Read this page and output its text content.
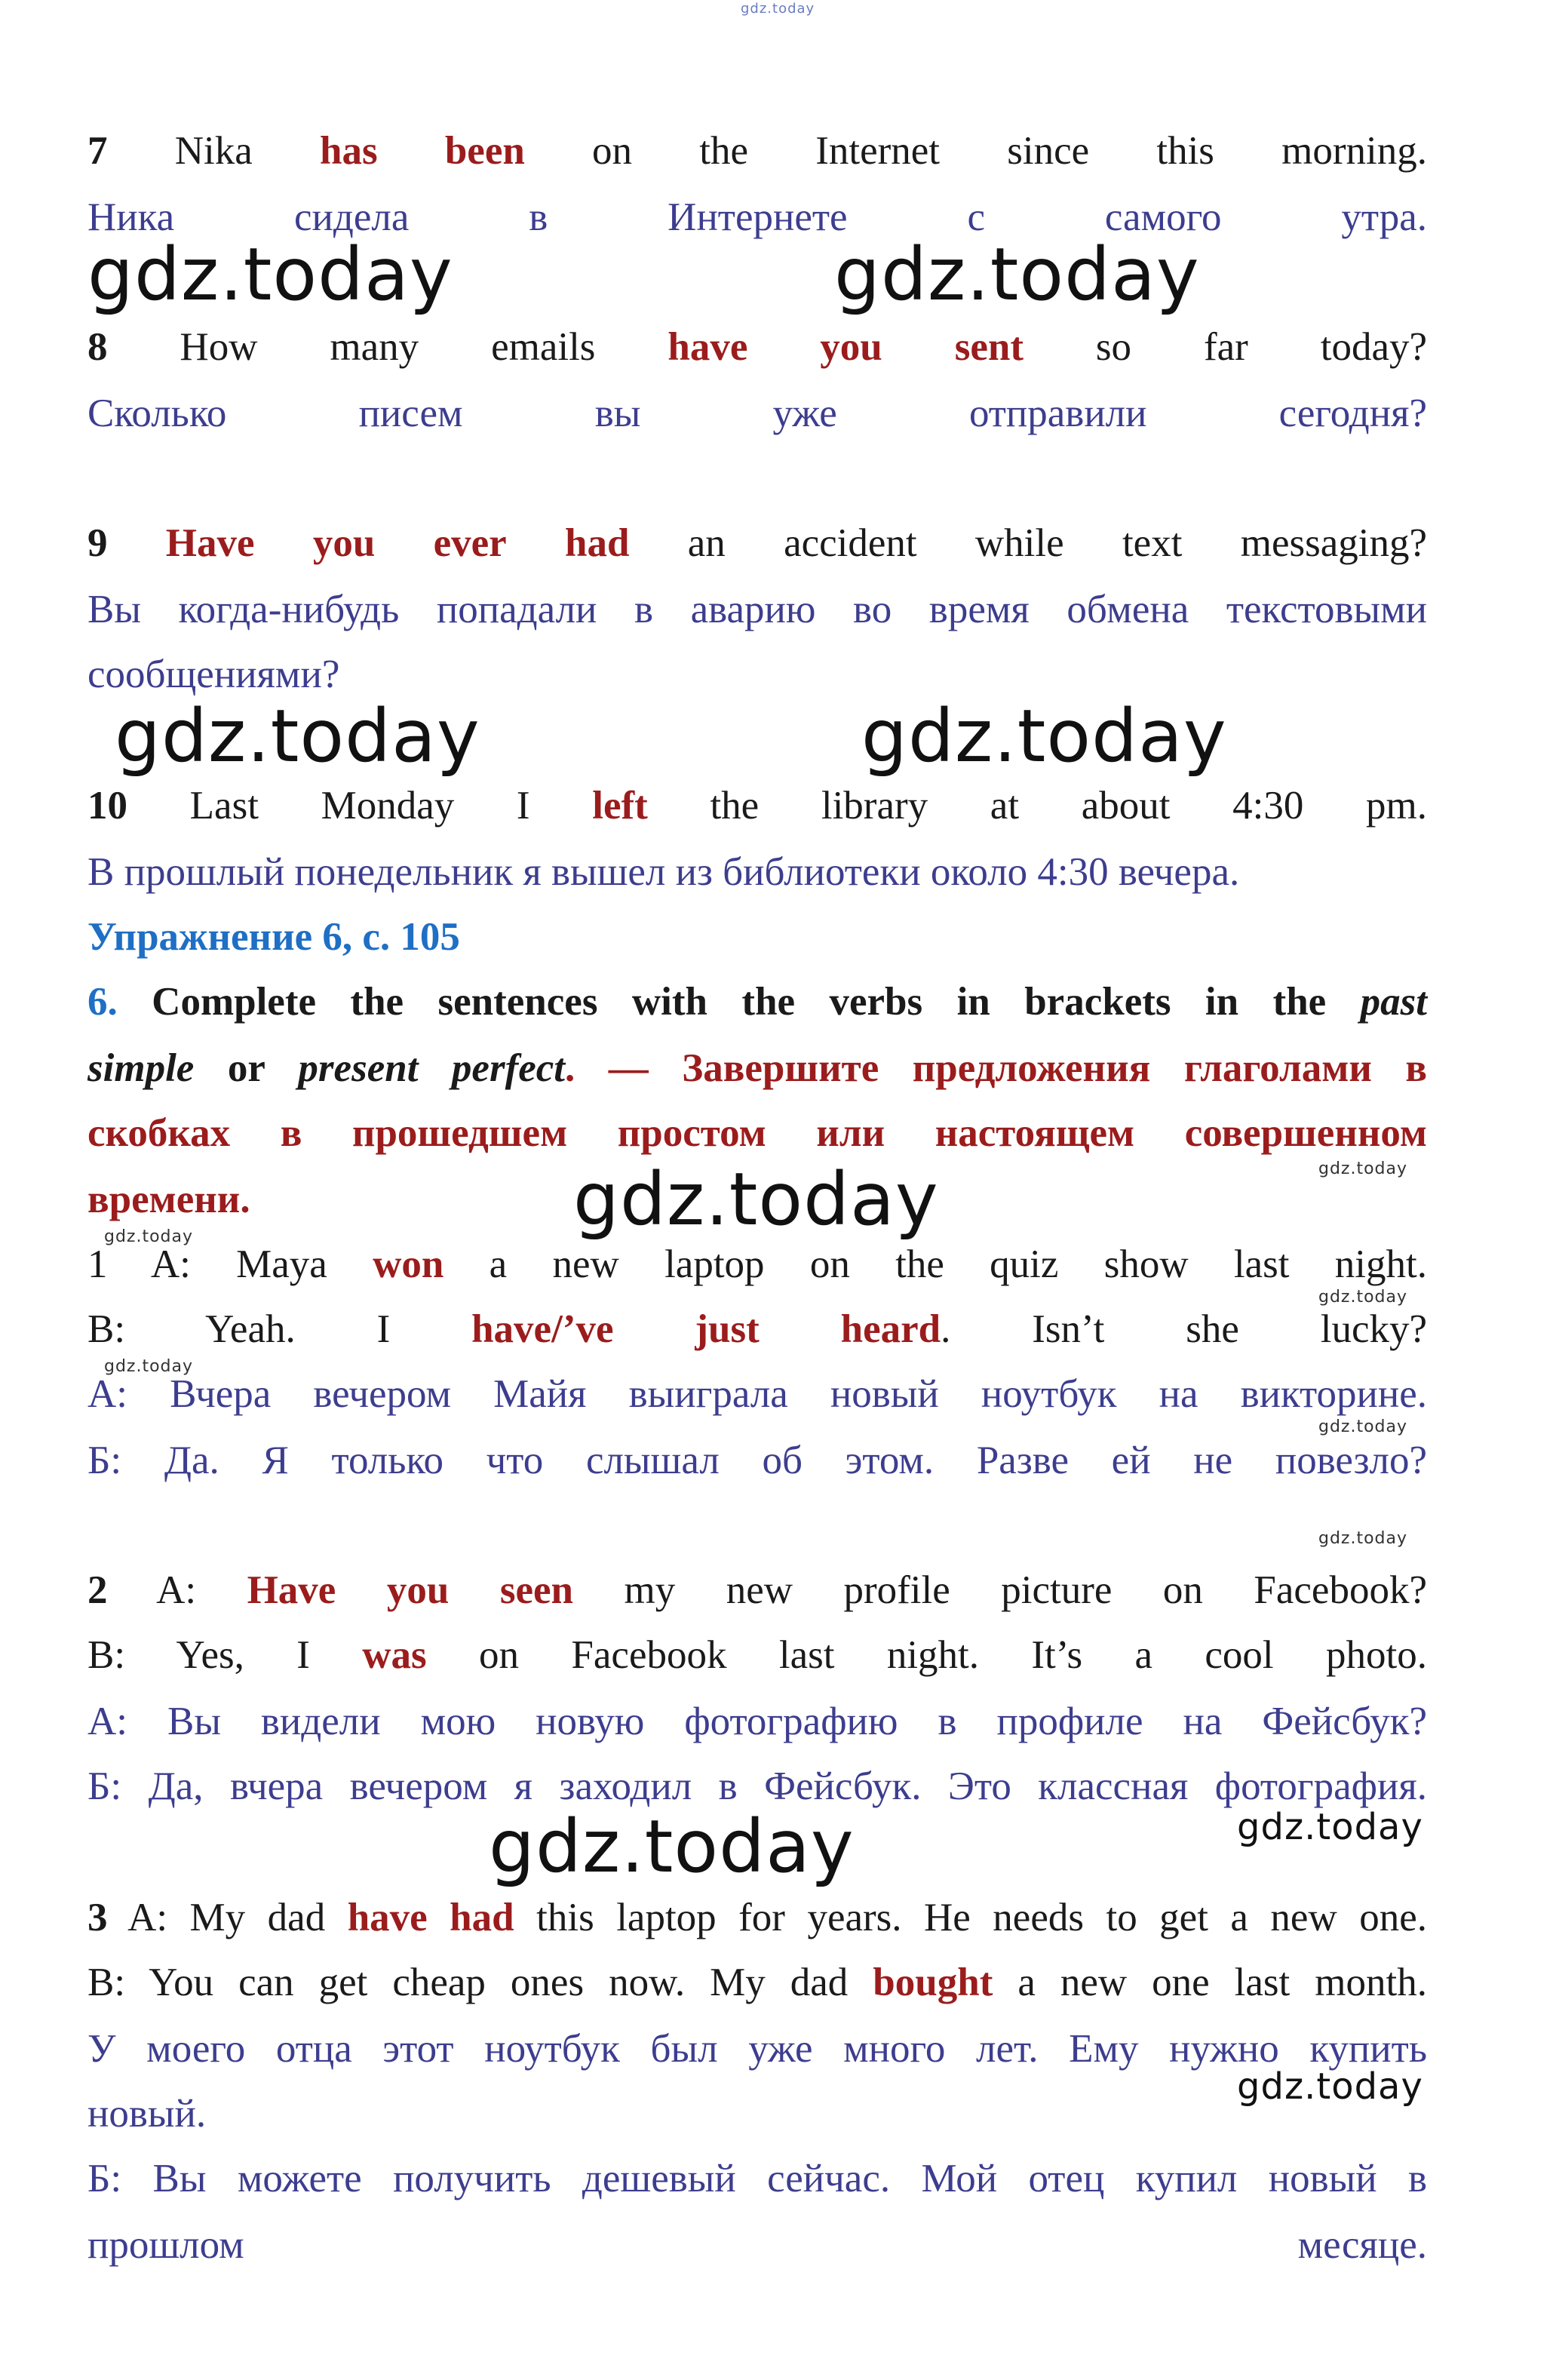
gdz.today

7 Nika has been on the Internet since this morning.

Ника сидела в Интернете с самого утра.

gdz.today	gdz.today

8 How many emails have you sent so far today?

Сколько писем вы уже отправили сегодня?

9 Have you ever had an accident while text messaging?

Вы когда-нибудь попадали в аварию во время обмена текстовыми

сообщениями?

gdz.today	gdz.today

10 Last Monday I left the library at about 4:30 pm.

В прошлый понедельник я вышел из библиотеки около 4:30 вечера.

Упражнение 6, с. 105

6. Complete the sentences with the verbs in brackets in the past

simple or present perfect. — Завершите предложения глаголами в

скобках в прошедшем простом или настоящем совершенном

gdz.today

времени.	gdz.today
gdz.today

1 A: Maya won a new laptop on the quiz show last night.

gdz.today

B: Yeah. I have/’ve just heard. Isn’t she lucky?

gdz.today

А: Вчера вечером Майя выиграла новый ноутбук на викторине.

gdz.today

Б: Да. Я только что слышал об этом. Разве ей не повезло?

gdz.today

2 A: Have you seen my new profile picture on Facebook?

B: Yes, I was on Facebook last night. It’s a cool photo.

А: Вы видели мою новую фотографию в профиле на Фейсбук?

Б: Да, вчера вечером я заходил в Фейсбук. Это классная фотография.

gdz.today	gdz.today

3 A: My dad have had this laptop for years. He needs to get a new one.

B: You can get cheap ones now. My dad bought a new one last month.

У моего отца этот ноутбук был уже много лет. Ему нужно купить

gdz.today

новый.

Б: Вы можете получить дешевый сейчас. Мой отец купил новый в

прошлом	месяце.
